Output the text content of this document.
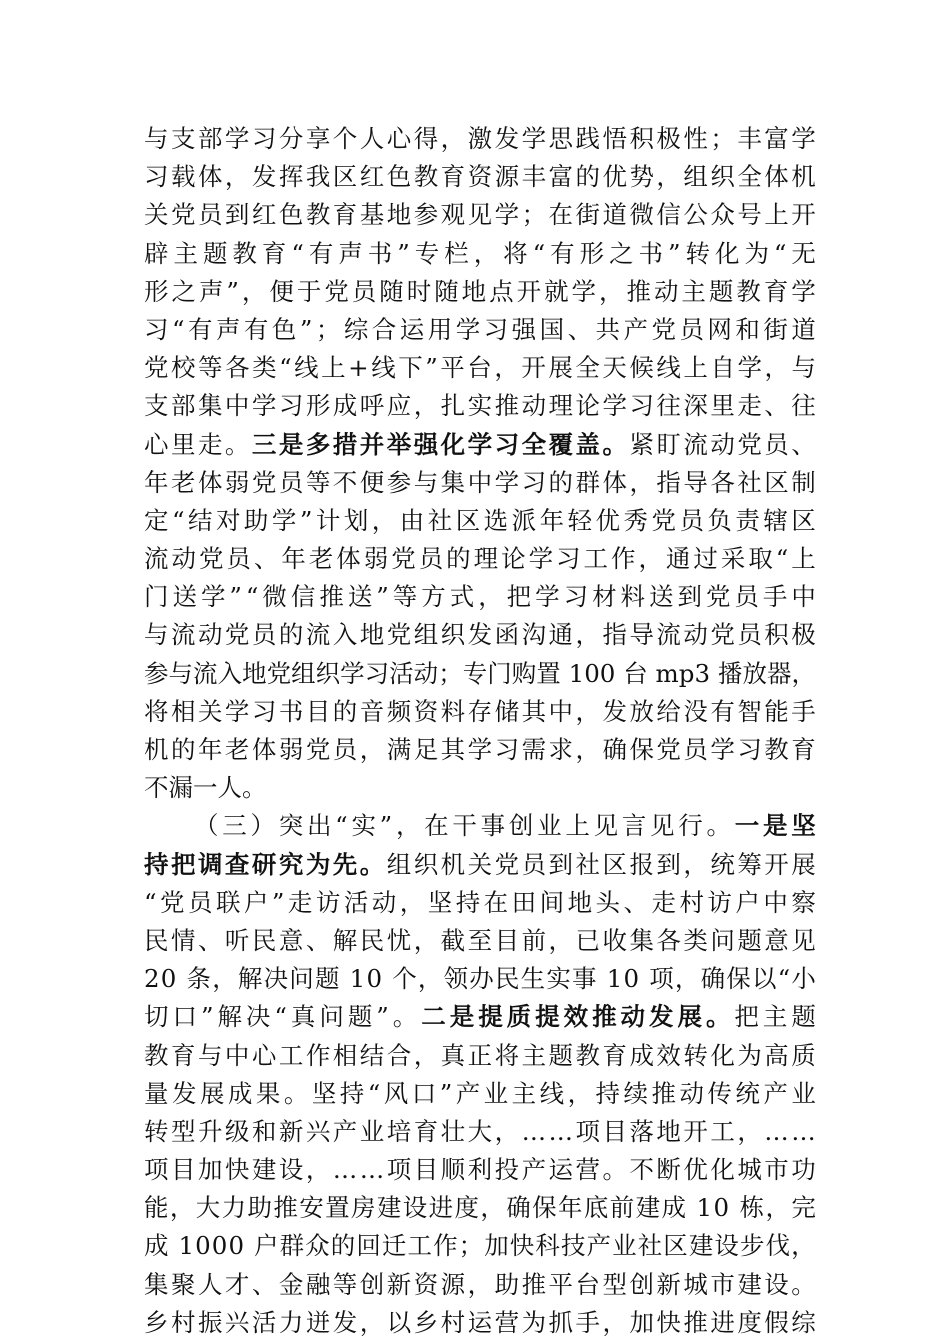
与 支 部 学 习 分 享 个 人 心 得 ， 激 发 学 思 践 悟 积 极 性 ； 丰 富 学
习 载 体 ， 发 挥 我 区 红 色 教 育 资 源 丰 富 的 优 势 ， 组 织 全 体 机
关 党 员 到 红 色 教 育 基 地 参 观 见 学 ； 在 街 道 微 信 公 众 号 上 开
辟 主 题 教 育 “ 有 声 书 ” 专 栏 ， 将 “ 有 形 之 书 ” 转 化 为 “ 无
形 之 声 ” ， 便 于 党 员 随 时 随 地 点 开 就 学 ， 推 动 主 题 教 育 学
习 “ 有 声 有 色 ” ； 综 合 运 用 学 习 强 国 、 共 产 党 员 网 和 街 道
党 校 等 各 类 “ 线 上 + 线 下 ” 平 台 ， 开 展 全 天 候 线 上 自 学 ， 与
支 部 集 中 学 习 形 成 呼 应 ， 扎 实 推 动 理 论 学 习 往 深 里 走 、 往
心 里 走 。 三 是 多 措 并 举 强 化 学 习 全 覆 盖 。 紧 盯 流 动 党 员 、
年 老 体 弱 党 员 等 不 便 参 与 集 中 学 习 的 群 体 ， 指 导 各 社 区 制
定 “ 结 对 助 学 ” 计 划 ， 由 社 区 选 派 年 轻 优 秀 党 员 负 责 辖 区
流 动 党 员 、 年 老 体 弱 党 员 的 理 论 学 习 工 作 ， 通 过 采 取 “ 上
门 送 学 ” “ 微 信 推 送 ” 等 方 式 ， 把 学 习 材 料 送 到 党 员 手 中
与 流 动 党 员 的 流 入 地 党 组 织 发 函 沟 通 ， 指 导 流 动 党 员 积 极
参 与 流 入 地 党 组 织 学 习 活 动 ； 专 门 购 置
1 0 0
台
m p 3
播 放 器 ，
将 相 关 学 习 书 目 的 音 频 资 料 存 储 其 中 ， 发 放 给 没 有 智 能 手
机 的 年 老 体 弱 党 员 ， 满 足 其 学 习 需 求 ， 确 保 党 员 学 习 教 育
不漏一人。
（ 三 ） 突 出 “ 实 ” ， 在 干 事 创 业 上 见 言 见 行 。 一 是 坚
持 把 调 查 研 究 为 先 。 组 织 机 关 党 员 到 社 区 报 到 ， 统 筹 开 展
“ 党 员 联 户 ” 走 访 活 动 ， 坚 持 在 田 间 地 头 、 走 村 访 户 中 察
民 情 、 听 民 意 、 解 民 忧 ， 截 至 目 前 ， 已 收 集 各 类 问 题 意 见
2 0
条 ， 解 决 问 题
1 0
个 ， 领 办 民 生 实 事
1 0
项 ， 确 保 以 “ 小
切 口 ” 解 决 “ 真 问 题 ” 。 二 是 提 质 提 效 推 动 发 展 。 把 主 题
教 育 与 中 心 工 作 相 结 合 ， 真 正 将 主 题 教 育 成 效 转 化 为 高 质
量 发 展 成 果 。 坚 持 “ 风 口 ” 产 业 主 线 ， 持 续 推 动 传 统 产 业
转 型 升 级 和 新 兴 产 业 培 育 壮 大 ， … … 项 目 落 地 开 工 ， … …
项 目 加 快 建 设 ， … … 项 目 顺 利 投 产 运 营 。 不 断 优 化 城 市 功
能 ， 大 力 助 推 安 置 房 建 设 进 度 ， 确 保 年 底 前 建 成
1 0
栋 ， 完
成
1 0 0 0
户 群 众 的 回 迁 工 作 ； 加 快 科 技 产 业 社 区 建 设 步 伐 ，
集 聚 人 才 、 金 融 等 创 新 资 源 ， 助 推 平 台 型 创 新 城 市 建 设 。
乡 村 振 兴 活 力 迸 发 ， 以 乡 村 运 营 为 抓 手 ， 加 快 推 进 度 假 综
